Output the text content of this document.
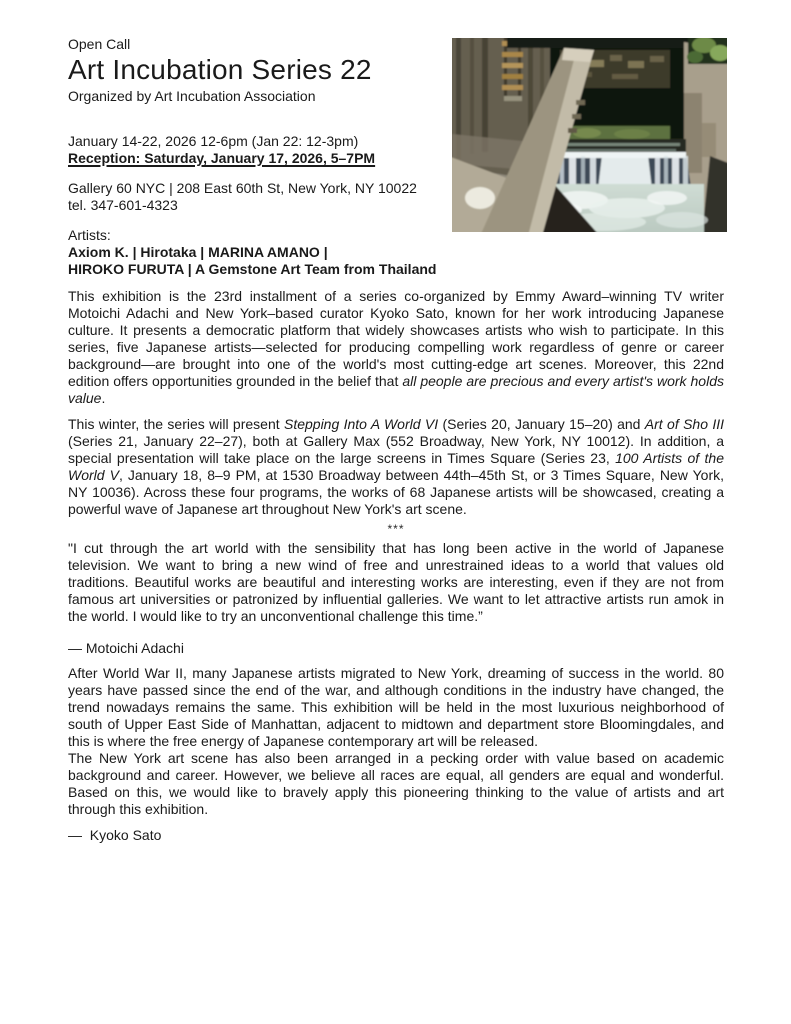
Open Call
Art Incubation Series 22
Organized by Art Incubation Association
January 14-22, 2026 12-6pm (Jan 22: 12-3pm)
Reception: Saturday, January 17, 2026, 5–7PM
Gallery 60 NYC | 208 East 60th St, New York, NY 10022
tel. 347-601-4323
Artists:
Axiom K. | Hirotaka | MARINA AMANO |
HIROKO FURUTA | A Gemstone Art Team from Thailand

This exhibition is the 23rd installment of a series co-organized by Emmy Award–winning TV writer Motoichi Adachi and New York–based curator Kyoko Sato, known for her work introducing Japanese culture. It presents a democratic platform that widely showcases artists who wish to participate. In this series, five Japanese artists—selected for producing compelling work regardless of genre or career background—are brought into one of the world's most cutting-edge art scenes. Moreover, this 22nd edition offers opportunities grounded in the belief that all people are precious and every artist's work holds value.

This winter, the series will present Stepping Into A World VI (Series 20, January 15–20) and Art of Sho III (Series 21, January 22–27), both at Gallery Max (552 Broadway, New York, NY 10012). In addition, a special presentation will take place on the large screens in Times Square (Series 23, 100 Artists of the World V, January 18, 8–9 PM, at 1530 Broadway between 44th–45th St, or 3 Times Square, New York, NY 10036). Across these four programs, the works of 68 Japanese artists will be showcased, creating a powerful wave of Japanese art throughout New York's art scene.

***

"I cut through the art world with the sensibility that has long been active in the world of Japanese television. We want to bring a new wind of free and unrestrained ideas to a world that values old traditions. Beautiful works are beautiful and interesting works are interesting, even if they are not from famous art universities or patronized by influential galleries. We want to let attractive artists run amok in the world. I would like to try an unconventional challenge this time.”

— Motoichi Adachi

After World War II, many Japanese artists migrated to New York, dreaming of success in the world. 80 years have passed since the end of the war, and although conditions in the industry have changed, the trend nowadays remains the same. This exhibition will be held in the most luxurious neighborhood of south of Upper East Side of Manhattan, adjacent to midtown and department store Bloomingdales, and this is where the free energy of Japanese contemporary art will be released.

The New York art scene has also been arranged in a pecking order with value based on academic background and career. However, we believe all races are equal, all genders are equal and wonderful. Based on this, we would like to bravely apply this pioneering thinking to the value of artists and art through this exhibition.

—  Kyoko Sato
